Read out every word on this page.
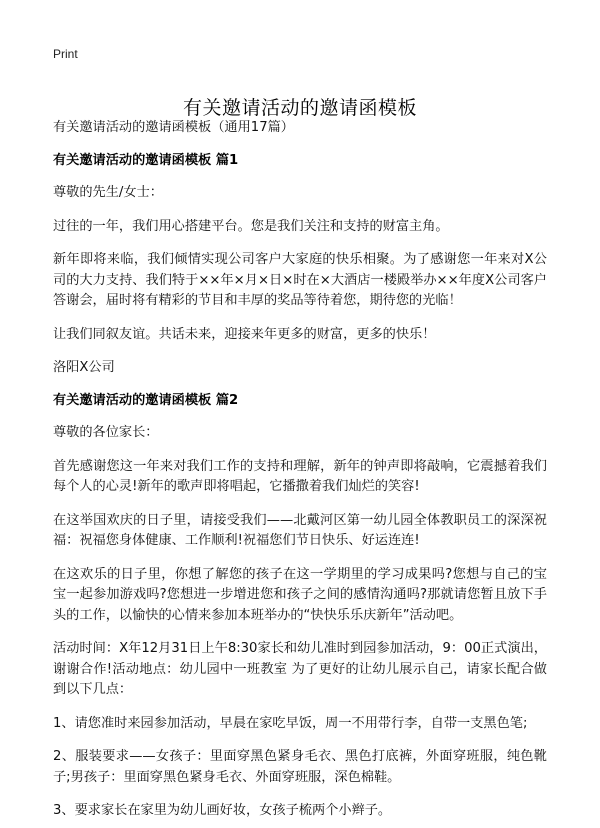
Print
有关邀请活动的邀请函模板

有关邀请活动的邀请函模板（通用17篇）

有关邀请活动的邀请函模板 篇1

尊敬的先生/女士：

过往的一年，我们用心搭建平台。您是我们关注和支持的财富主角。

新年即将来临，我们倾情实现公司客户大家庭的快乐相聚。为了感谢您一年来对X公司的大力支持、我们特于××年×月×日×时在×大酒店一楼殿举办××年度X公司客户答谢会，届时将有精彩的节目和丰厚的奖品等待着您，期待您的光临！

让我们同叙友谊。共话未来，迎接来年更多的财富，更多的快乐！

洛阳X公司

有关邀请活动的邀请函模板 篇2

尊敬的各位家长：

首先感谢您这一年来对我们工作的支持和理解，新年的钟声即将敲响，它震撼着我们每个人的心灵!新年的歌声即将唱起，它播撒着我们灿烂的笑容!

在这举国欢庆的日子里，请接受我们——北戴河区第一幼儿园全体教职员工的深深祝福：祝福您身体健康、工作顺利!祝福您们节日快乐、好运连连!

在这欢乐的日子里，你想了解您的孩子在这一学期里的学习成果吗?您想与自己的宝宝一起参加游戏吗?您想进一步增进您和孩子之间的感情沟通吗?那就请您暂且放下手头的工作，以愉快的心情来参加本班举办的“快快乐乐庆新年”活动吧。

活动时间：X年12月31日上午8:30家长和幼儿准时到园参加活动，9：00正式演出，谢谢合作!活动地点：幼儿园中一班教室 为了更好的让幼儿展示自己，请家长配合做到以下几点：

1、请您准时来园参加活动，早晨在家吃早饭，周一不用带行李，自带一支黑色笔;

2、服装要求——女孩子：里面穿黑色紧身毛衣、黑色打底裤，外面穿班服，纯色靴子;男孩子：里面穿黑色紧身毛衣、外面穿班服，深色棉鞋。

3、要求家长在家里为幼儿画好妆，女孩子梳两个小辫子。
